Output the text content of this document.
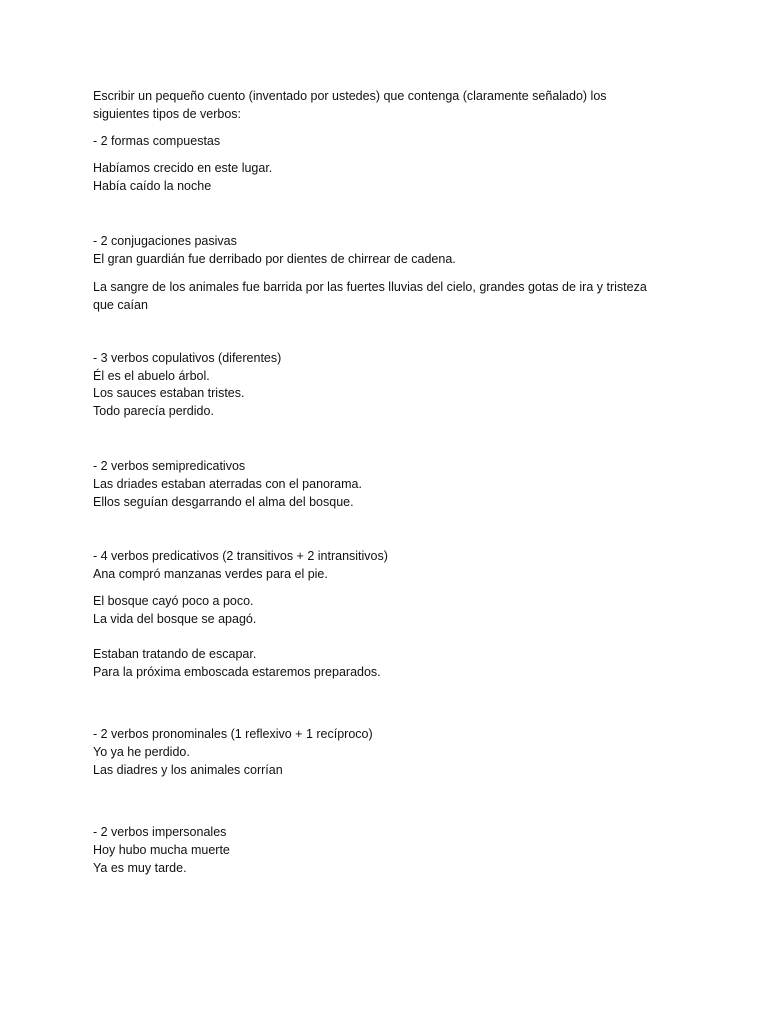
Escribir un pequeño cuento (inventado por ustedes) que contenga (claramente señalado) los
siguientes tipos de verbos:
- 2 formas compuestas
Habíamos crecido en este lugar.
Había caído la noche
- 2 conjugaciones pasivas
El gran guardián fue derribado por dientes de chirrear de cadena.
La sangre de los animales fue barrida por las fuertes lluvias del cielo, grandes gotas de ira y tristeza
que caían
- 3 verbos copulativos (diferentes)
Él es el abuelo árbol.
Los sauces estaban tristes.
Todo parecía perdido.
- 2 verbos semipredicativos
Las driades estaban aterradas con el panorama.
Ellos seguían desgarrando el alma del bosque.
- 4 verbos predicativos (2 transitivos + 2 intransitivos)
Ana compró manzanas verdes para el pie.
El bosque cayó poco a poco.
La vida del bosque se apagó.
Estaban tratando de escapar.
Para la próxima emboscada estaremos preparados.
- 2 verbos pronominales (1 reflexivo + 1 recíproco)
Yo ya he perdido.
Las diadres y los animales corrían
- 2 verbos impersonales
Hoy hubo mucha muerte
Ya es muy tarde.
